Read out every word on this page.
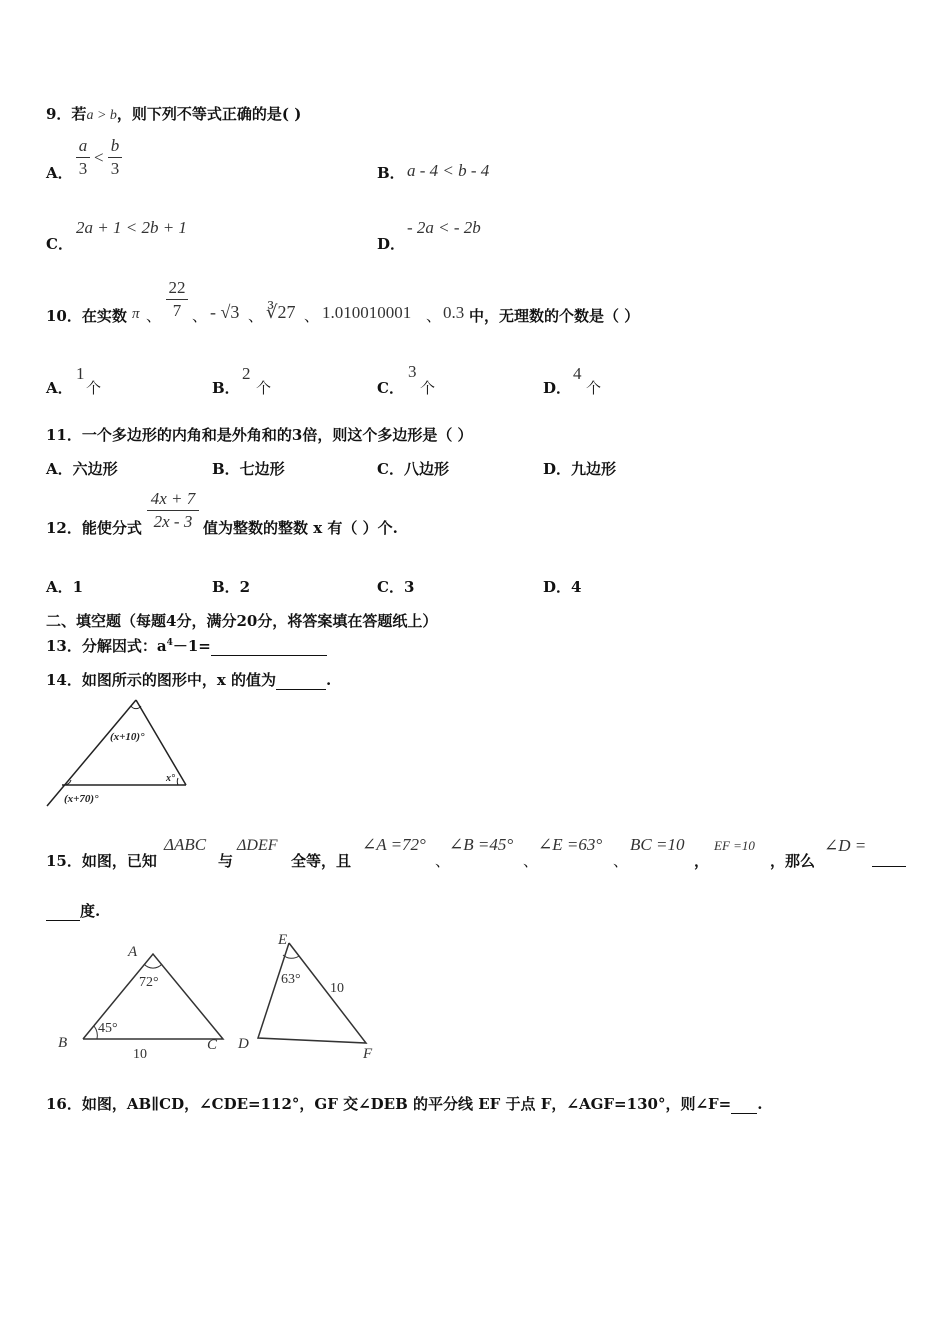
9．若a > b，则下列不等式正确的是( )
A．
a
3
<
b
3	B． a - 4 < b - 4
C．
2a + 1 < 2b + 1
D．
- 2a < - 2b
10．在实数 π 、
22
7 、 - √3 、 ∛27 、 1.010010001 、 0.3 中，无理数的个数是（ ）
A．
1
个	B．
2
个	C．
3
个	D．
4
个
11．一个多边形的内角和是外角和的3倍，则这个多边形是（ ）
A．六边形	B．七边形	C．八边形	D．九边形
12．能使分式
4x + 7
2x - 3 值为整数的整数 x 有（ ）个.
A．1	B．2	C．3	D．4
二、填空题（每题4分，满分20分，将答案填在答题纸上）
13．分解因式：$a^4-1=$
14．如图所示的图形中，x 的值为	.
(x+10)°
x°
(x+70)°
15．如图，已知
ΔABC
与
ΔDEF
全等，且
∠A =72°
、
∠B =45°
、
∠E =63°
、
BC =10
，
EF =10
，那么
∠D =
度.
A
72°
45°
B	C
10
E
63°
10
D
F
16．如图，AB∥CD，∠CDE=112°，GF 交∠DEB 的平分线 EF 于点 F，∠AGF=130°，则∠F= .
